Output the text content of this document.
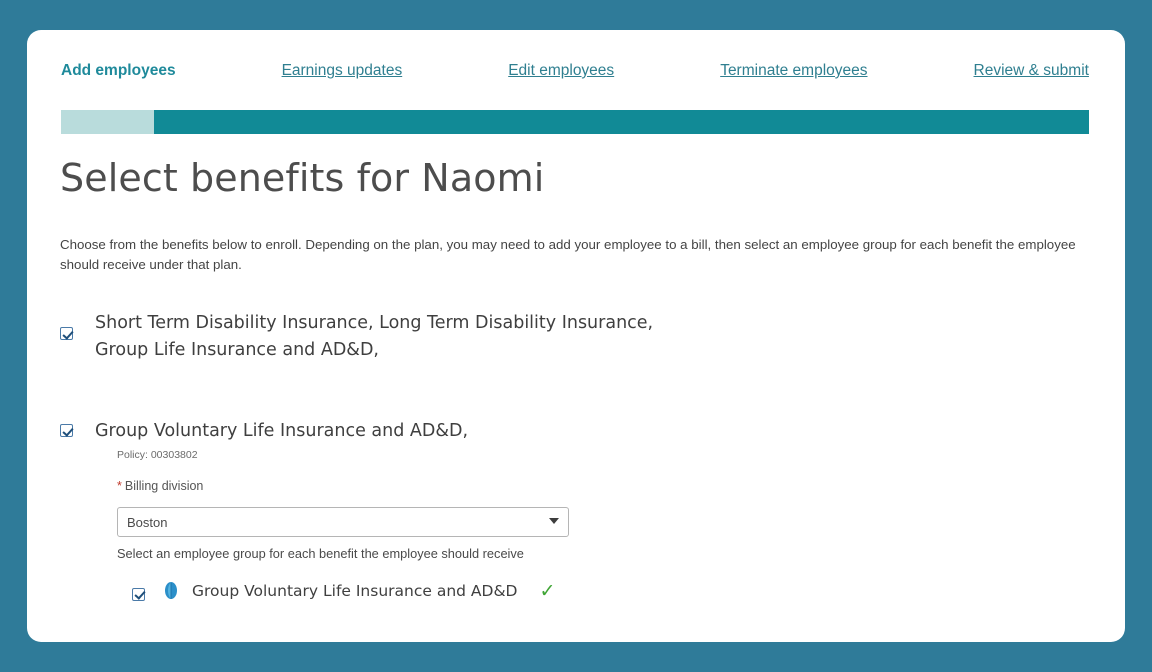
Add employees	Earnings updates	Edit employees	Terminate employees	Review & submit
Select benefits for Naomi
Choose from the benefits below to enroll. Depending on the plan, you may need to add your employee to a bill, then select an employee group for each benefit the employee should receive under that plan.
Short Term Disability Insurance, Long Term Disability Insurance, Group Life Insurance and AD&D,
Group Voluntary Life Insurance and AD&D,
Policy: 00303802
* Billing division
Boston
Select an employee group for each benefit the employee should receive
Group Voluntary Life Insurance and AD&D ✓
